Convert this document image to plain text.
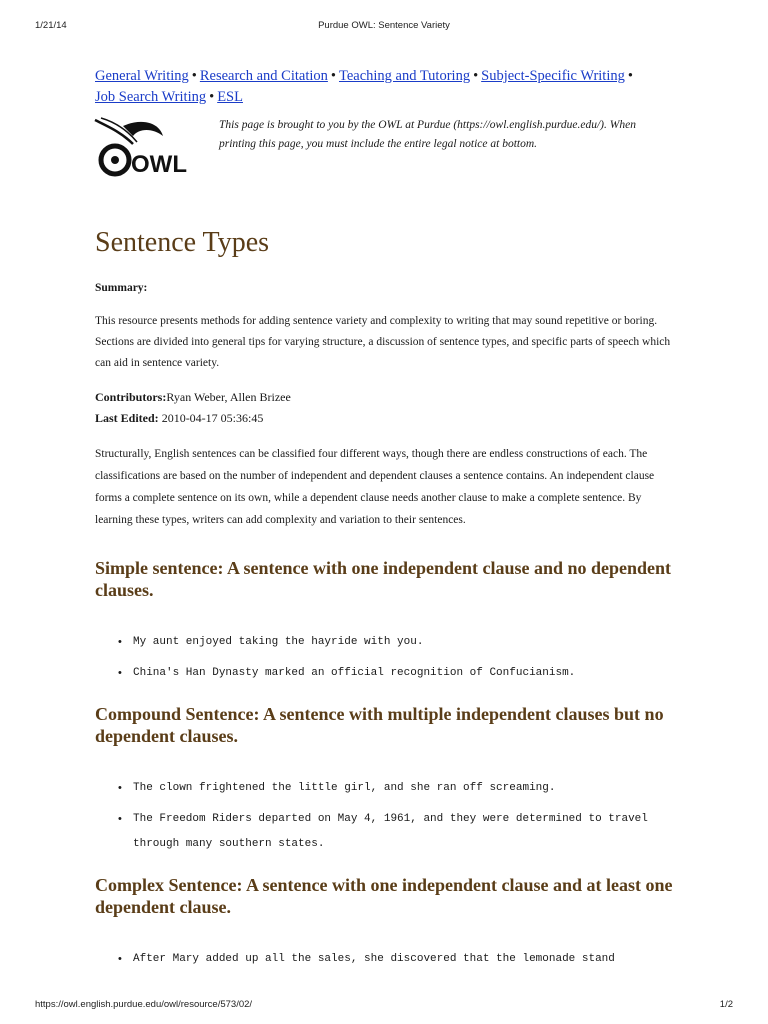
1/21/14	Purdue OWL: Sentence Variety
General Writing • Research and Citation • Teaching and Tutoring • Subject-Specific Writing •
Job Search Writing • ESL
OWL
This page is brought to you by the OWL at Purdue (https://owl.english.purdue.edu/). When printing this page, you must include the entire legal notice at bottom.
Sentence Types
Summary:

This resource presents methods for adding sentence variety and complexity to writing that may sound repetitive or boring. Sections are divided into general tips for varying structure, a discussion of sentence types, and specific parts of speech which can aid in sentence variety.

Contributors:Ryan Weber, Allen Brizee
Last Edited: 2010-04-17 05:36:45

Structurally, English sentences can be classified four different ways, though there are endless constructions of each. The classifications are based on the number of independent and dependent clauses a sentence contains. An independent clause forms a complete sentence on its own, while a dependent clause needs another clause to make a complete sentence. By learning these types, writers can add complexity and variation to their sentences.

Simple sentence: A sentence with one independent clause and no dependent clauses.
• My aunt enjoyed taking the hayride with you.
• China's Han Dynasty marked an official recognition of Confucianism.
Compound Sentence: A sentence with multiple independent clauses but no dependent clauses.
• The clown frightened the little girl, and she ran off screaming.
• The Freedom Riders departed on May 4, 1961, and they were determined to travel through many southern states.
Complex Sentence: A sentence with one independent clause and at least one dependent clause.
• After Mary added up all the sales, she discovered that the lemonade stand
https://owl.english.purdue.edu/owl/resource/573/02/	1/2
